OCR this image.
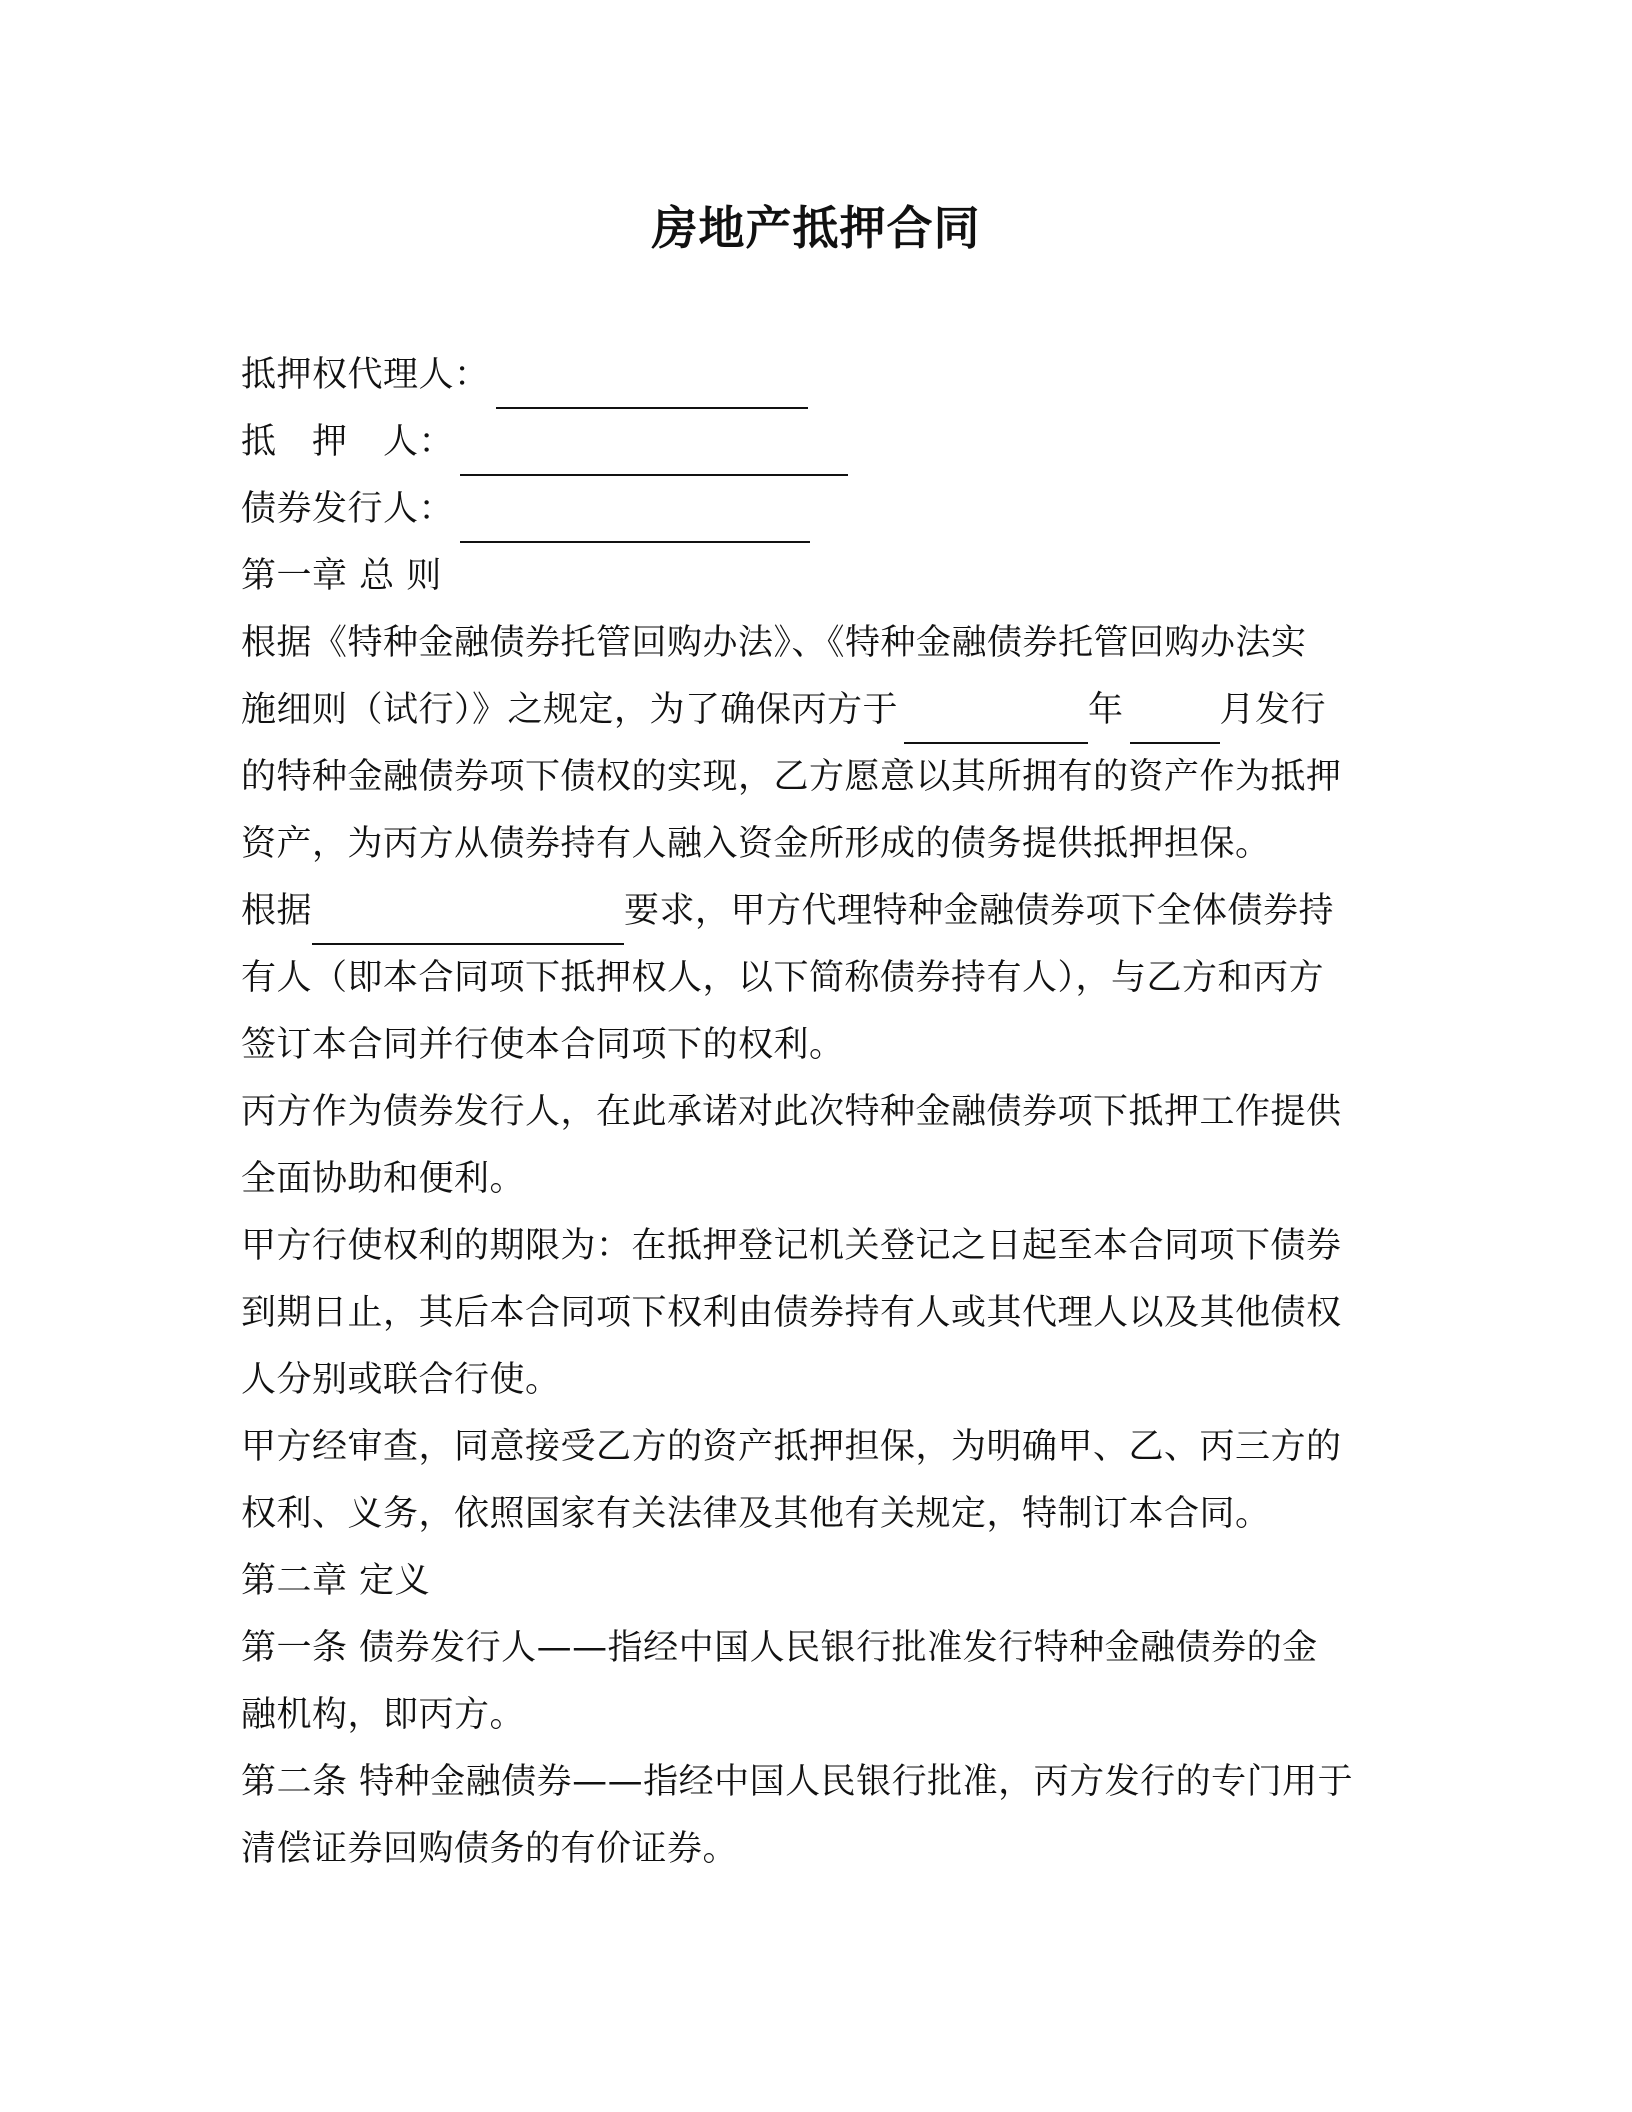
房地产抵押合同
抵押权代理人：
抵　押　人：
债券发行人：
第一章 总 则
根据《特种金融债券托管回购办法》、《特种金融债券托管回购办法实
施细则（试行）》之规定，为了确保丙方于	年	月发行
的特种金融债券项下债权的实现，乙方愿意以其所拥有的资产作为抵押
资产，为丙方从债券持有人融入资金所形成的债务提供抵押担保。
根据	要求，甲方代理特种金融债券项下全体债券持
有人（即本合同项下抵押权人，以下简称债券持有人），与乙方和丙方
签订本合同并行使本合同项下的权利。
丙方作为债券发行人，在此承诺对此次特种金融债券项下抵押工作提供
全面协助和便利。
甲方行使权利的期限为：在抵押登记机关登记之日起至本合同项下债券
到期日止，其后本合同项下权利由债券持有人或其代理人以及其他债权
人分别或联合行使。
甲方经审查，同意接受乙方的资产抵押担保，为明确甲、乙、丙三方的
权利、义务，依照国家有关法律及其他有关规定，特制订本合同。
第二章 定义
第一条 债券发行人——指经中国人民银行批准发行特种金融债券的金
融机构，即丙方。
第二条 特种金融债券——指经中国人民银行批准，丙方发行的专门用于
清偿证券回购债务的有价证券。
